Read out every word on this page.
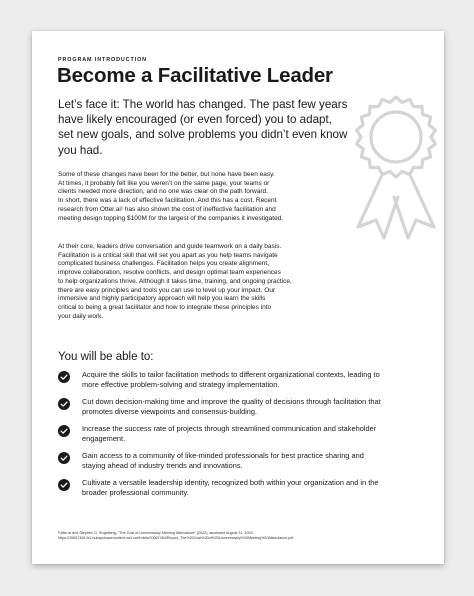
PROGRAM INTRODUCTION
Become a Facilitative Leader
Let’s face it: The world has changed. The past few years
have likely encouraged (or even forced) you to adapt,
set new goals, and solve problems you didn’t even know
you had.
Some of these changes have been for the better, but none have been easy.
At times, it probably felt like you weren’t on the same page, your teams or
clients needed more direction, and no one was clear on the path forward.
In short, there was a lack of effective facilitation. And this has a cost. Recent
research from Otter.ai¹ has also shown the cost of ineffective facilitation and
meeting design topping $100M for the largest of the companies it investigated.
At their core, leaders drive conversation and guide teamwork on a daily basis.
Facilitation is a critical skill that will set you apart as you help teams navigate
complicated business challenges. Facilitation helps you create alignment,
improve collaboration, resolve conflicts, and design optimal team experiences
to help organizations thrive. Although it takes time, training, and ongoing practice,
there are easy principles and tools you can use to level up your impact. Our
immersive and highly participatory approach will help you learn the skills
critical to being a great facilitator and how to integrate these principles into
your daily work.
You will be able to:
Acquire the skills to tailor facilitation methods to different organizational contexts, leading to
more effective problem-solving and strategy implementation.
Cut down decision-making time and improve the quality of decisions through facilitation that
promotes diverse viewpoints and consensus-building.
Increase the success rate of projects through streamlined communication and stakeholder
engagement.
Gain access to a community of like-minded professionals for best practice sharing and
staying ahead of industry trends and innovations.
Cultivate a versatile leadership identity, recognized both within your organization and in the
broader professional community.
¹Otter.ai and Stephen G. Rogelberg, “The Cost of Unnecessary Meeting Attendance” (2022), accessed August 31, 2023,
https://20067454.fs1.hubspotusercontent-na1.net/hubfs/20067454/Report_The%20Cost%20of%20Unnecessary%20Meeting%20Attendance.pdf
